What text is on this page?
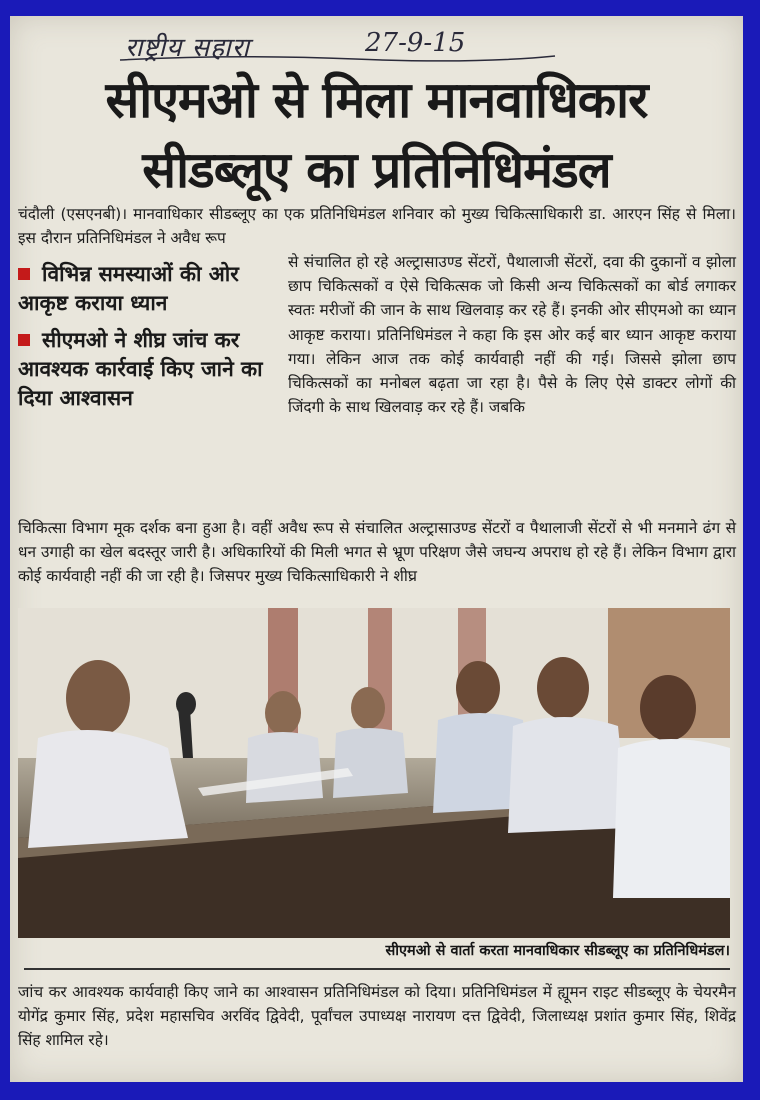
राष्ट्रीय सहारा	27-9-15
सीएमओ से मिला मानवाधिकार
सीडब्लूए का प्रतिनिधिमंडल

चंदौली (एसएनबी)। मानवाधिकार सीडब्लूए का एक प्रतिनिधिमंडल शनिवार को मुख्य चिकित्साधिकारी डा. आरएन सिंह से मिला। इस दौरान प्रतिनिधिमंडल ने अवैध रूप

विभिन्न समस्याओं की ओर आकृष्ट कराया ध्यान
सीएमओ ने शीघ्र जांच कर आवश्यक कार्रवाई किए जाने का दिया आश्वासन

से संचालित हो रहे अल्ट्रासाउण्ड सेंटरों, पैथालाजी सेंटरों, दवा की दुकानों व झोला छाप चिकित्सकों व ऐसे चिकित्सक जो किसी अन्य चिकित्सकों का बोर्ड लगाकर स्वतः मरीजों की जान के साथ खिलवाड़ कर रहे हैं। इनकी ओर सीएमओ का ध्यान आकृष्ट कराया। प्रतिनिधिमंडल ने कहा कि इस ओर कई बार ध्यान आकृष्ट कराया गया। लेकिन आज तक कोई कार्यवाही नहीं की गई। जिससे झोला छाप चिकित्सकों का मनोबल बढ़ता जा रहा है। पैसे के लिए ऐसे डाक्टर लोगों की जिंदगी के साथ खिलवाड़ कर रहे हैं। जबकि

चिकित्सा विभाग मूक दर्शक बना हुआ है। वहीं अवैध रूप से संचालित अल्ट्रासाउण्ड सेंटरों व पैथालाजी सेंटरों से भी मनमाने ढंग से धन उगाही का खेल बदस्तूर जारी है। अधिकारियों की मिली भगत से भ्रूण परिक्षण जैसे जघन्य अपराध हो रहे हैं। लेकिन विभाग द्वारा कोई कार्यवाही नहीं की जा रही है। जिसपर मुख्य चिकित्साधिकारी ने शीघ्र

सीएमओ से वार्ता करता मानवाधिकार सीडब्लूए का प्रतिनिधिमंडल।

जांच कर आवश्यक कार्यवाही किए जाने का आश्वासन प्रतिनिधिमंडल को दिया। प्रतिनिधिमंडल में ह्यूमन राइट सीडब्लूए के चेयरमैन योगेंद्र कुमार सिंह, प्रदेश महासचिव अरविंद द्विवेदी, पूर्वांचल उपाध्यक्ष नारायण दत्त द्विवेदी, जिलाध्यक्ष प्रशांत कुमार सिंह, शिवेंद्र सिंह शामिल रहे।
